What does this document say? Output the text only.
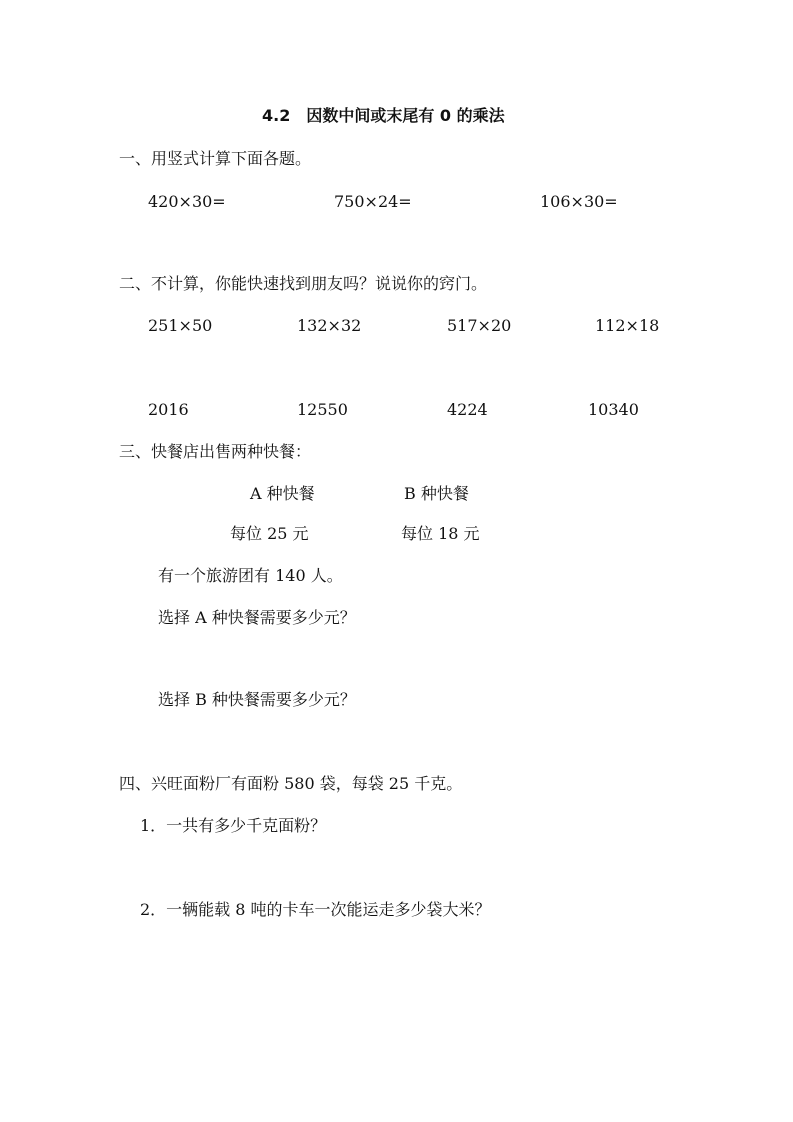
4.2　因数中间或末尾有 0 的乘法
一、用竖式计算下面各题。
420×30=	750×24=	106×30=
二、不计算，你能快速找到朋友吗？说说你的窍门。
251×50	132×32	517×20	112×18
2016	12550	4224	10340
三、快餐店出售两种快餐：
A 种快餐	B 种快餐
每位 25 元	每位 18 元
有一个旅游团有 140 人。
选择 A 种快餐需要多少元？
选择 B 种快餐需要多少元？
四、兴旺面粉厂有面粉 580 袋，每袋 25 千克。
1．一共有多少千克面粉？
2．一辆能载 8 吨的卡车一次能运走多少袋大米？
